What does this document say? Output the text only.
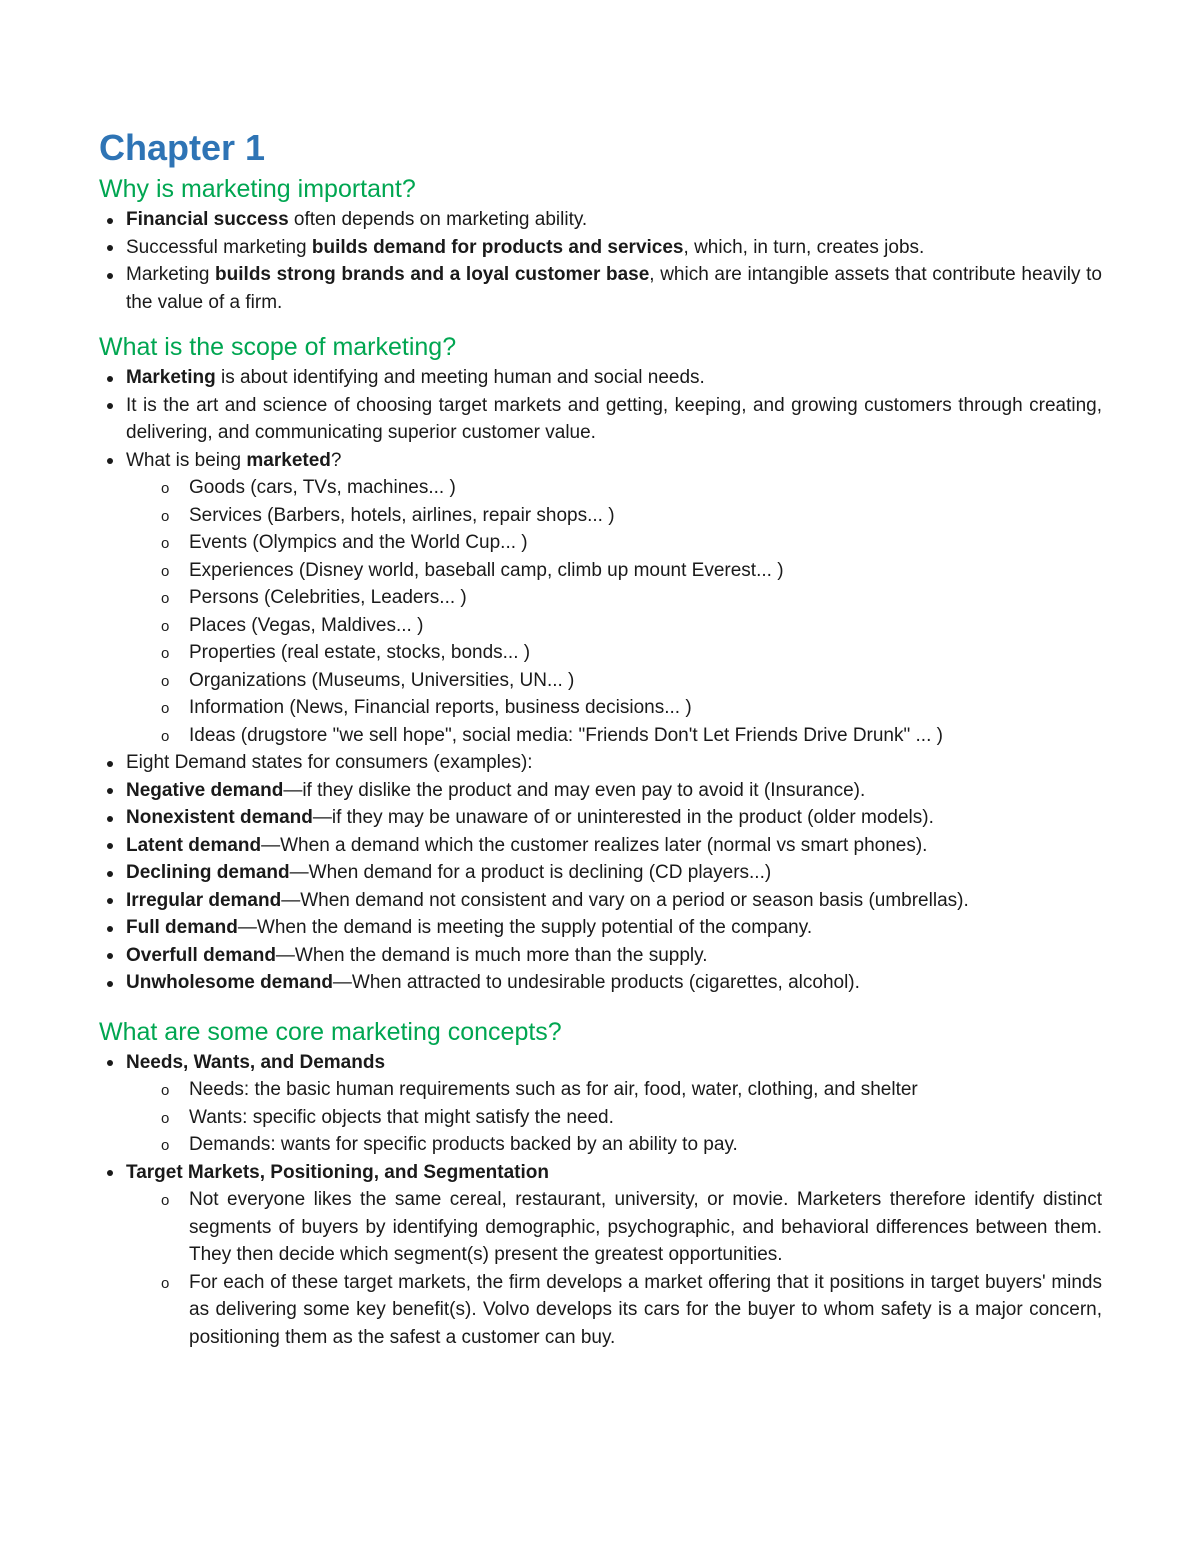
Chapter 1
Why is marketing important?
Financial success often depends on marketing ability.
Successful marketing builds demand for products and services, which, in turn, creates jobs.
Marketing builds strong brands and a loyal customer base, which are intangible assets that contribute heavily to the value of a firm.
What is the scope of marketing?
Marketing is about identifying and meeting human and social needs.
It is the art and science of choosing target markets and getting, keeping, and growing customers through creating, delivering, and communicating superior customer value.
What is being marketed?
o Goods (cars, TVs, machines... )
o Services (Barbers, hotels, airlines, repair shops... )
o Events (Olympics and the World Cup... )
o Experiences (Disney world, baseball camp, climb up mount Everest... )
o Persons (Celebrities, Leaders... )
o Places (Vegas, Maldives... )
o Properties (real estate, stocks, bonds... )
o Organizations (Museums, Universities, UN... )
o Information (News, Financial reports, business decisions... )
o Ideas (drugstore "we sell hope", social media: "Friends Don't Let Friends Drive Drunk" ... )
Eight Demand states for consumers (examples):
Negative demand—if they dislike the product and may even pay to avoid it (Insurance).
Nonexistent demand—if they may be unaware of or uninterested in the product (older models).
Latent demand—When a demand which the customer realizes later (normal vs smart phones).
Declining demand—When demand for a product is declining (CD players...)
Irregular demand—When demand not consistent and vary on a period or season basis (umbrellas).
Full demand—When the demand is meeting the supply potential of the company.
Overfull demand—When the demand is much more than the supply.
Unwholesome demand—When attracted to undesirable products (cigarettes, alcohol).
What are some core marketing concepts?
Needs, Wants, and Demands
o Needs: the basic human requirements such as for air, food, water, clothing, and shelter
o Wants: specific objects that might satisfy the need.
o Demands: wants for specific products backed by an ability to pay.
Target Markets, Positioning, and Segmentation
o Not everyone likes the same cereal, restaurant, university, or movie. Marketers therefore identify distinct segments of buyers by identifying demographic, psychographic, and behavioral differences between them. They then decide which segment(s) present the greatest opportunities.
o For each of these target markets, the firm develops a market offering that it positions in target buyers' minds as delivering some key benefit(s). Volvo develops its cars for the buyer to whom safety is a major concern, positioning them as the safest a customer can buy.
